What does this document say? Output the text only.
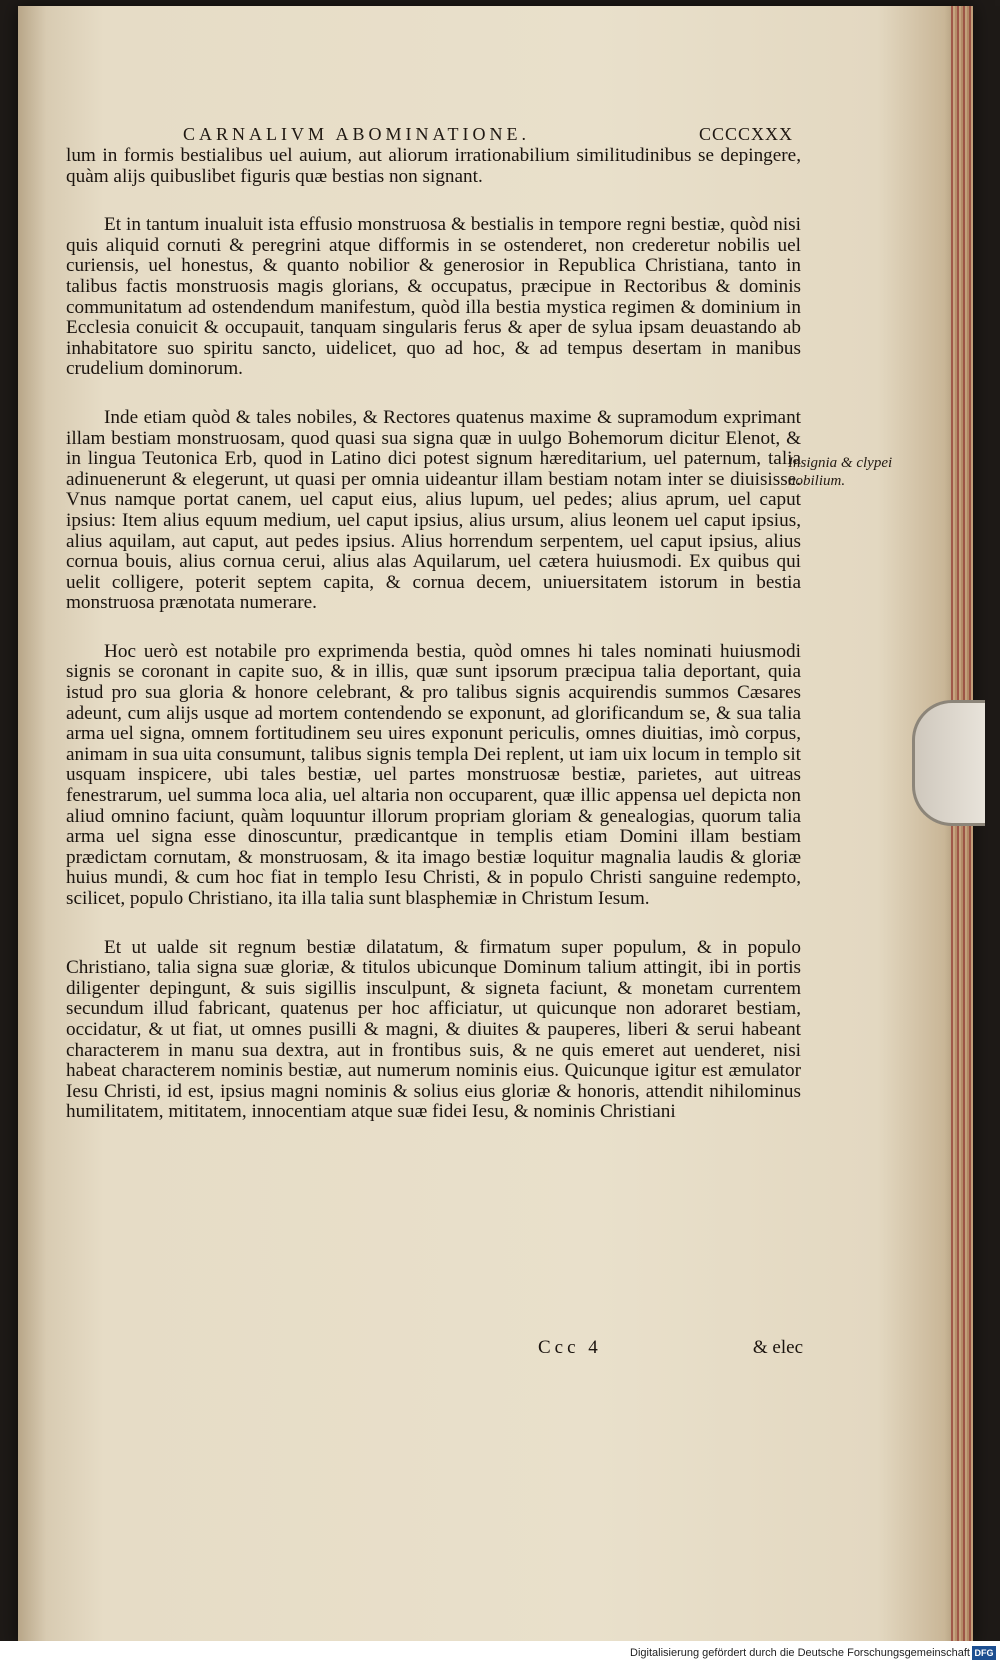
CARNALIVM ABOMINATIONE.	CCCCXXX

lum in formis bestialibus uel auium, aut aliorum irrationabilium similitudinibus se depingere, quàm alijs quibuslibet figuris quæ bestias non signant.

Et in tantum inualuit ista effusio monstruosa & bestialis in tempore regni bestiæ, quòd nisi quis aliquid cornuti & peregrini atque difformis in se ostenderet, non crederetur nobilis uel curiensis, uel honestus, & quanto nobilior & generosior in Republica Christiana, tanto in talibus factis monstruosis magis glorians, & occupatus, præcipue in Rectoribus & dominis communitatum ad ostendendum manifestum, quòd illa bestia mystica regimen & dominium in Ecclesia conuicit & occupauit, tanquam singularis ferus & aper de sylua ipsam deuastando ab inhabitatore suo spiritu sancto, uidelicet, quo ad hoc, & ad tempus desertam in manibus crudelium dominorum.

Inde etiam quòd & tales nobiles, & Rectores quatenus maxime & supramodum exprimant illam bestiam monstruosam, quod quasi sua signa quæ in uulgo Bohemorum dicitur Elenot, & in lingua Teutonica Erb, quod in Latino dici potest signum hæreditarium, uel paternum, talia adinuenerunt & elegerunt, ut quasi per omnia uideantur illam bestiam notam inter se diuisisse. Vnus namque portat canem, uel caput eius, alius lupum, uel pedes; alius aprum, uel caput ipsius: Item alius equum medium, uel caput ipsius, alius ursum, alius leonem uel caput ipsius, alius aquilam, aut caput, aut pedes ipsius. Alius horrendum serpentem, uel caput ipsius, alius cornua bouis, alius cornua cerui, alius alas Aquilarum, uel cætera huiusmodi. Ex quibus qui uelit colligere, poterit septem capita, & cornua decem, uniuersitatem istorum in bestia monstruosa prænotata numerare.

Hoc uerò est notabile pro exprimenda bestia, quòd omnes hi tales nominati huiusmodi signis se coronant in capite suo, & in illis, quæ sunt ipsorum præcipua talia deportant, quia istud pro sua gloria & honore celebrant, & pro talibus signis acquirendis summos Cæsares adeunt, cum alijs usque ad mortem contendendo se exponunt, ad glorificandum se, & sua talia arma uel signa, omnem fortitudinem seu uires exponunt periculis, omnes diuitias, imò corpus, animam in sua uita consumunt, talibus signis templa Dei replent, ut iam uix locum in templo sit usquam inspicere, ubi tales bestiæ, uel partes monstruosæ bestiæ, parietes, aut uitreas fenestrarum, uel summa loca alia, uel altaria non occuparent, quæ illic appensa uel depicta non aliud omnino faciunt, quàm loquuntur illorum propriam gloriam & genealogias, quorum talia arma uel signa esse dinoscuntur, prædicantque in templis etiam Domini illam bestiam prædictam cornutam, & monstruosam, & ita imago bestiæ loquitur magnalia laudis & gloriæ huius mundi, & cum hoc fiat in templo Iesu Christi, & in populo Christi sanguine redempto, scilicet, populo Christiano, ita illa talia sunt blasphemiæ in Christum Iesum.

Et ut ualde sit regnum bestiæ dilatatum, & firmatum super populum, & in populo Christiano, talia signa suæ gloriæ, & titulos ubicunque Dominum talium attingit, ibi in portis diligenter depingunt, & suis sigillis insculpunt, & signeta faciunt, & monetam currentem secundum illud fabricant, quatenus per hoc afficiatur, ut quicunque non adoraret bestiam, occidatur, & ut fiat, ut omnes pusilli & magni, & diuites & pauperes, liberi & serui habeant characterem in manu sua dextra, aut in frontibus suis, & ne quis emeret aut uenderet, nisi habeat characterem nominis bestiæ, aut numerum nominis eius. Quicunque igitur est æmulator Iesu Christi, id est, ipsius magni nominis & solius eius gloriæ & honoris, attendit nihilominus humilitatem, mititatem, innocentiam atque suæ fidei Iesu, & nominis Christiani

Insignia & clypei nobilium.
Ccc 4	& elec
Digitalisierung gefördert durch die Deutsche Forschungsgemeinschaft DFG
